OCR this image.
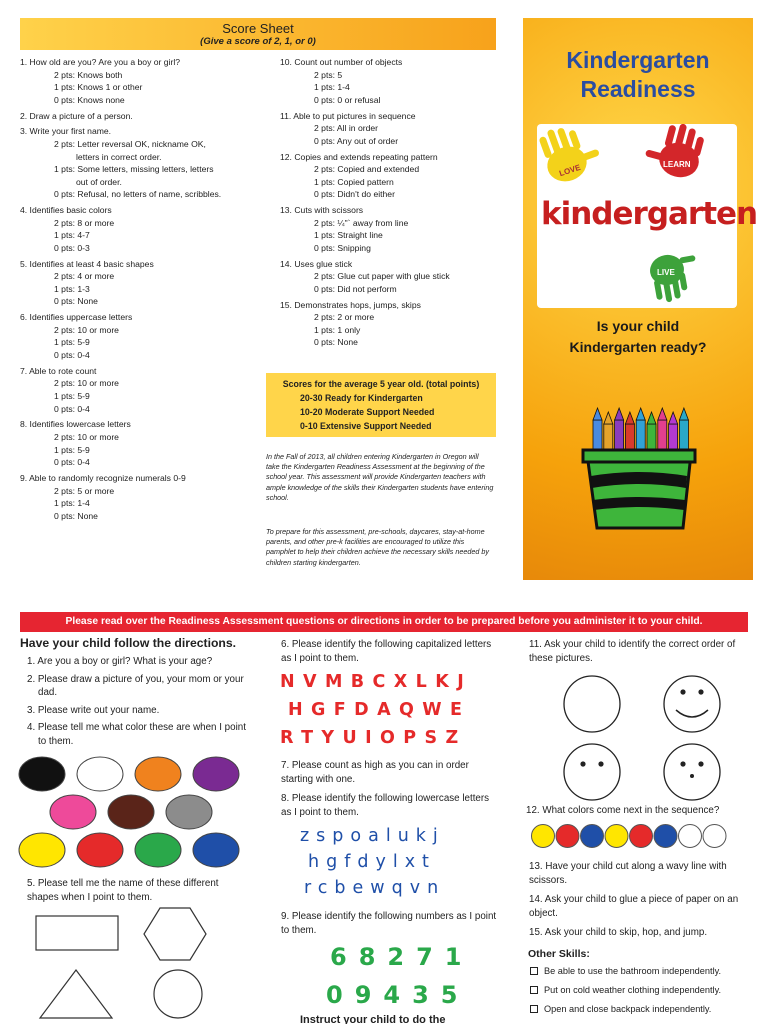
Score Sheet
(Give a score of 2, 1, or 0)
1. How old are you? Are you a boy or girl?
2 pts: Knows both
1 pts: Knows 1 or other
0 pts: Knows none
2. Draw a picture of a person.
3. Write your first name.
2 pts: Letter reversal OK, nickname OK,
letters in correct order.
1 pts: Some letters, missing letters, letters
out of order.
0 pts: Refusal, no letters of name, scribbles.
4. Identifies basic colors
2 pts: 8 or more
1 pts: 4-7
0 pts: 0-3
5. Identifies at least 4 basic shapes
2 pts: 4 or more
1 pts: 1-3
0 pts: None
6. Identifies uppercase letters
2 pts: 10 or more
1 pts: 5-9
0 pts: 0-4
7. Able to rote count
2 pts: 10 or more
1 pts: 5-9
0 pts: 0-4
8. Identifies lowercase letters
2 pts: 10 or more
1 pts: 5-9
0 pts: 0-4
9. Able to randomly recognize numerals 0-9
2 pts: 5 or more
1 pts: 1-4
0 pts: None
10. Count out number of objects
2 pts: 5
1 pts: 1-4
0 pts: 0 or refusal
11. Able to put pictures in sequence
2 pts: All in order
0 pts: Any out of order
12. Copies and extends repeating pattern
2 pts: Copied and extended
1 pts: Copied pattern
0 pts: Didn't do either
13. Cuts with scissors
2 pts: ¼"` away from line
1 pts: Straight line
0 pts: Snipping
14. Uses glue stick
2 pts: Glue cut paper with glue stick
0 pts: Did not perform
15. Demonstrates hops, jumps, skips
2 pts: 2 or more
1 pts: 1 only
0 pts: None
Scores for the average 5 year old. (total points)
20-30 Ready for Kindergarten
10-20 Moderate Support Needed
0-10 Extensive Support Needed
In the Fall of 2013, all children entering Kindergarten in Oregon will take the Kindergarten Readiness Assessment at the beginning of the school year. This assessment will provide Kindergarten teachers with ample knowledge of the skills their Kindergarten students have entering school.
To prepare for this assessment, pre-schools, daycares, stay-at-home parents, and other pre-k facilities are encouraged to utilize this pamphlet to help their children achieve the necessary skills needed by children starting kindergarten.
Kindergarten
Readiness
LOVE	LEARN
LIVE
kindergarten
Is your child
Kindergarten ready?
Please read over the Readiness Assessment questions or directions in order to be prepared before you administer it to your child.
Have your child follow the directions.
1. Are you a boy or girl? What is your age?
2. Please draw a picture of you, your mom or your dad.
3. Please write out your name.
4. Please tell me what color these are when I point to them.
5. Please tell me the name of these different shapes when I point to them.
6. Please identify the following capitalized letters as I point to them.
NVMBCXLKJ
HGFDAQWE
RTYUIOPSZ
7. Please count as high as you can in order starting with one.
8. Please identify the following lowercase letters as I point to them.
zspoalukj
hgfdylxt
rcbewqvn
9. Please identify the following numbers as I point to them.
68271
09435
Instruct your child to do the
11. Ask your child to identify the correct order of these pictures.
12. What colors come next in the sequence?
13. Have your child cut along a wavy line with scissors.
14. Ask your child to glue a piece of paper on an object.
15. Ask your child to skip, hop, and jump.
Other Skills:
Be able to use the bathroom independently.
Put on cold weather clothing independently.
Open and close backpack independently.
